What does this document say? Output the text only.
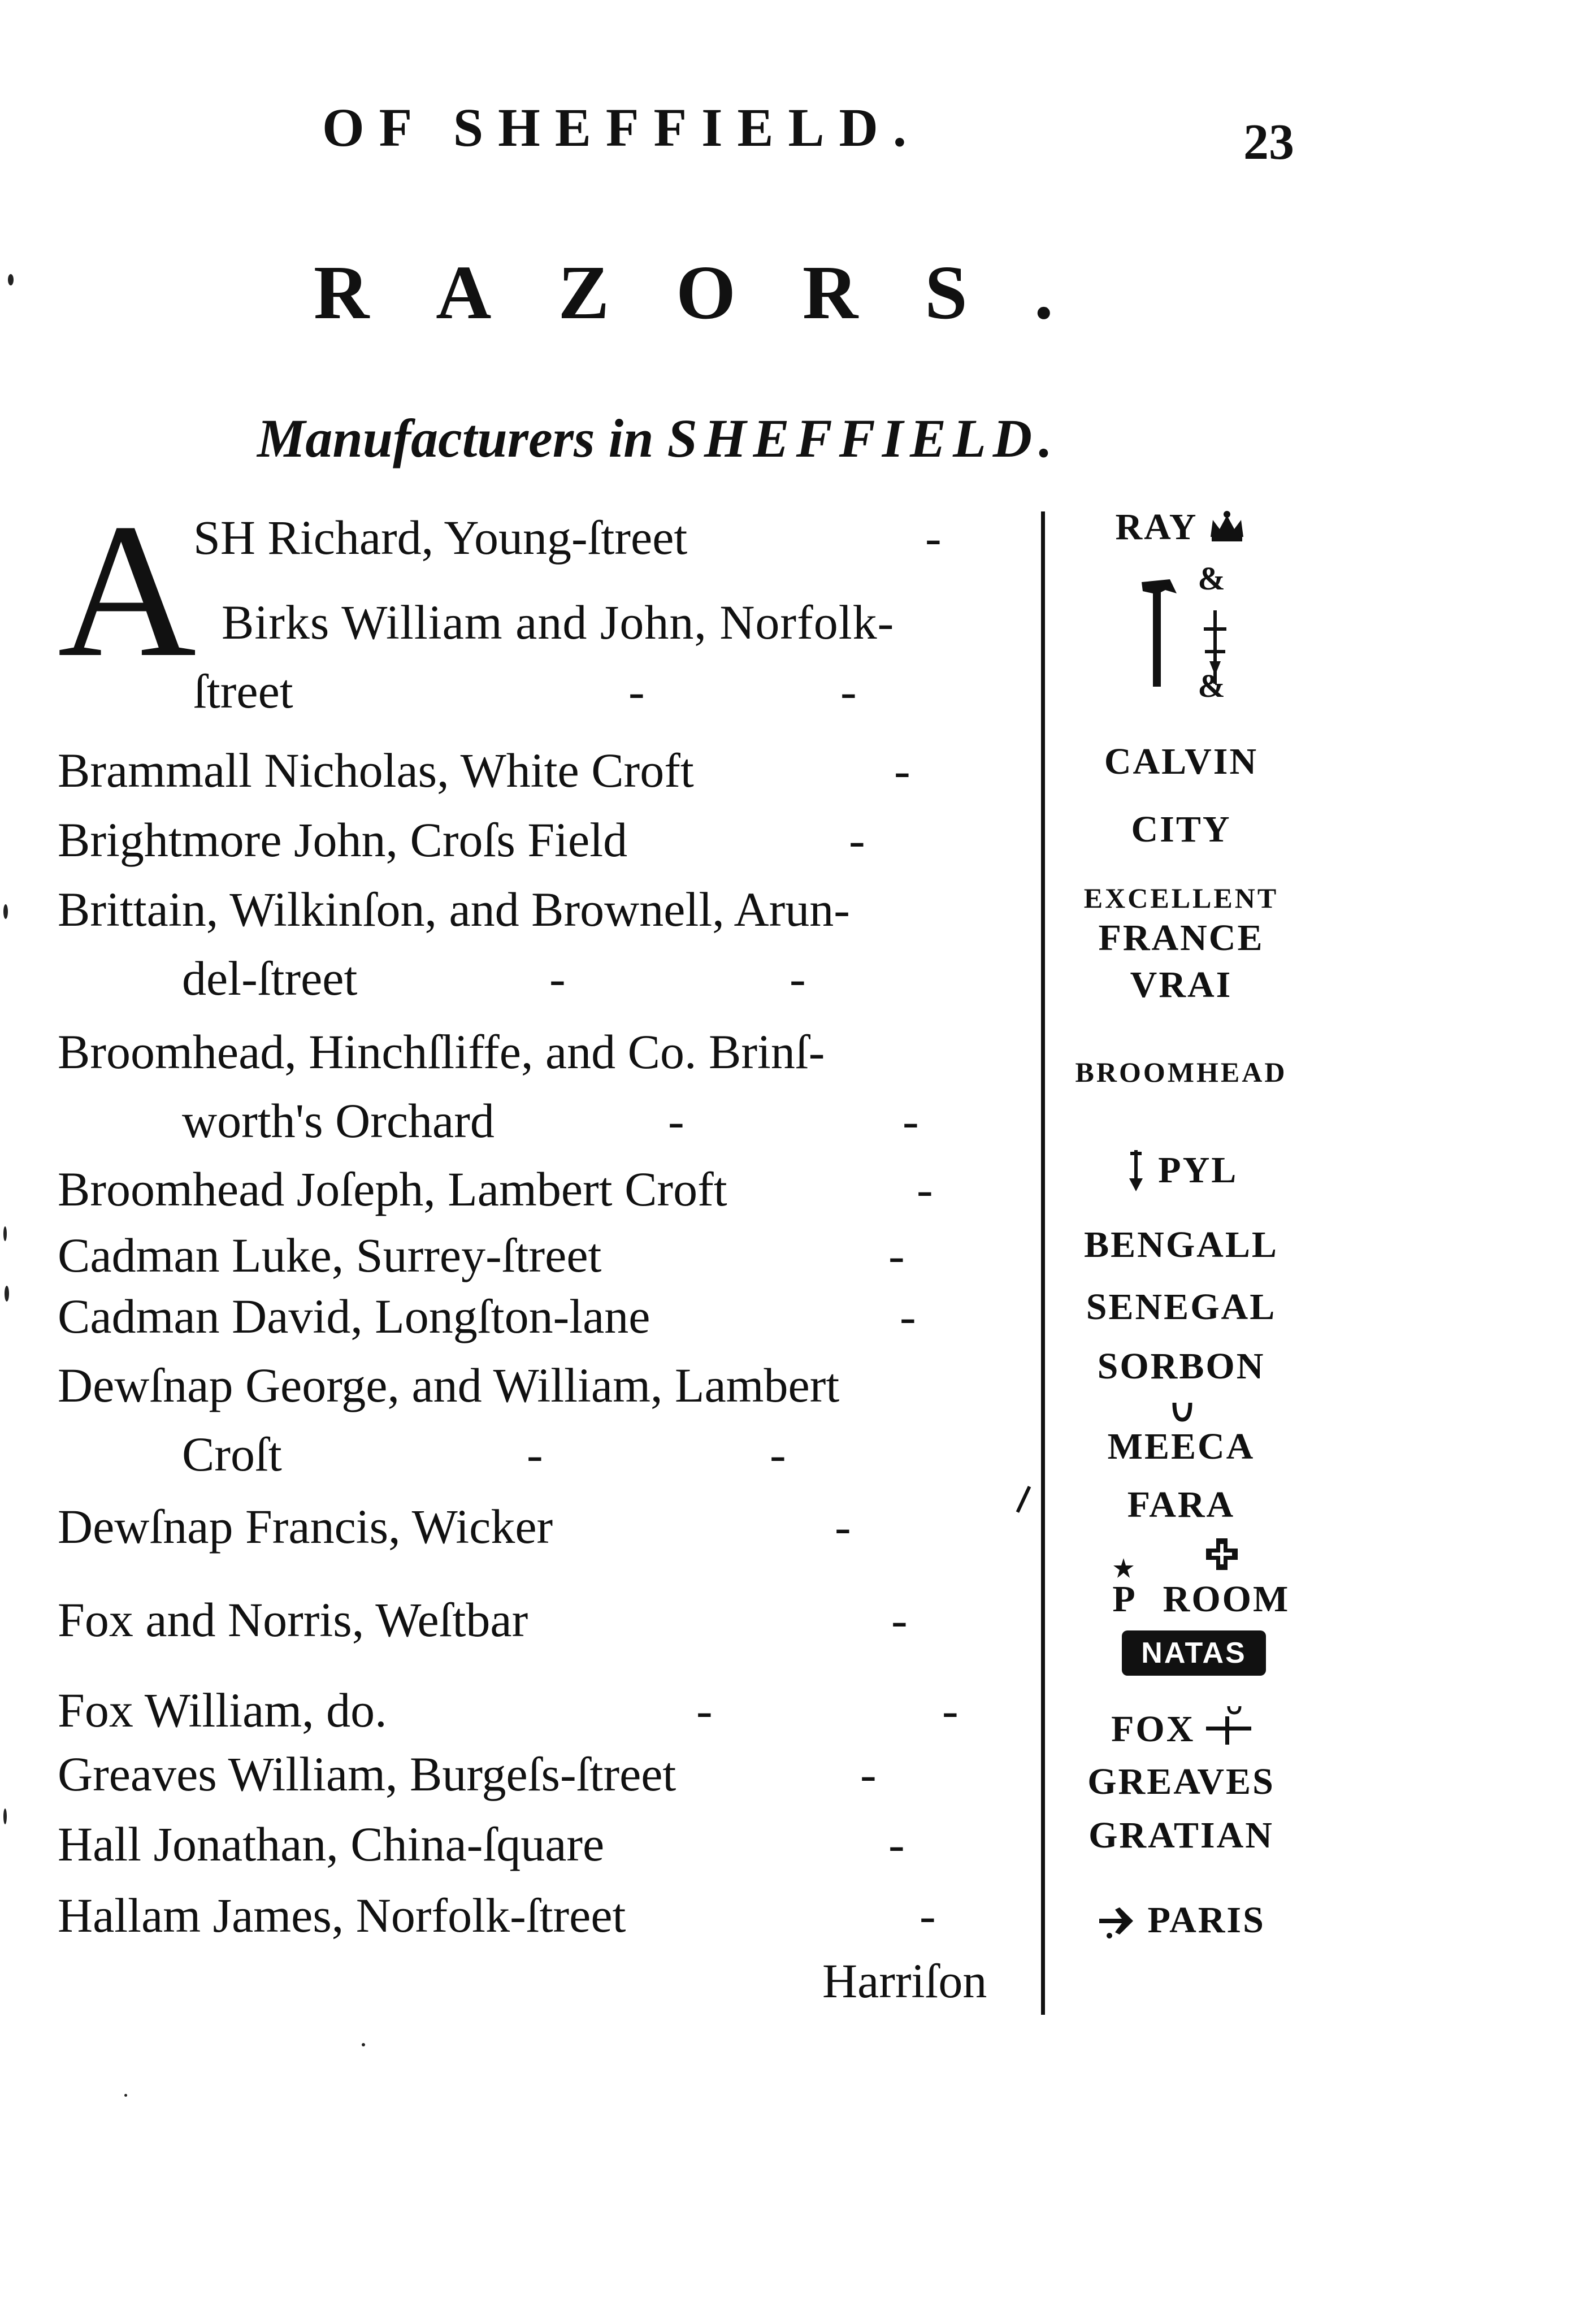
OF SHEFFIELD.	23
RAZORS.
Manufacturers in SHEFFIELD.
A
SH Richard, Young-ſtreet	-
Birks William and John, Norfolk-
ſtreet	-	-
Brammall Nicholas, White Croft	-
Brightmore John, Croſs Field	-
Brittain, Wilkinſon, and Brownell, Arun-
del-ſtreet	-	-
Broomhead, Hinchſliffe, and Co. Brinſ-
worth's Orchard	-	-
Broomhead Joſeph, Lambert Croft	-
Cadman Luke, Surrey-ſtreet	-
Cadman David, Longſton-lane	-
Dewſnap George, and William, Lambert
Croſt	-	-
Dewſnap Francis, Wicker	-
Fox and Norris, Weſtbar	-
Fox William, do.	-	-
Greaves William, Burgeſs-ſtreet	-
Hall Jonathan, China-ſquare	-
Hallam James, Norfolk-ſtreet	-
Harriſon
RAY
&
&
CALVIN
CITY
EXCELLENT
FRANCE
VRAI
BROOMHEAD
PYL
BENGALL
SENEGAL
SORBON
MEECA
FARA
P ROOM
NATAS
FOX
GREAVES
GRATIAN
PARIS
